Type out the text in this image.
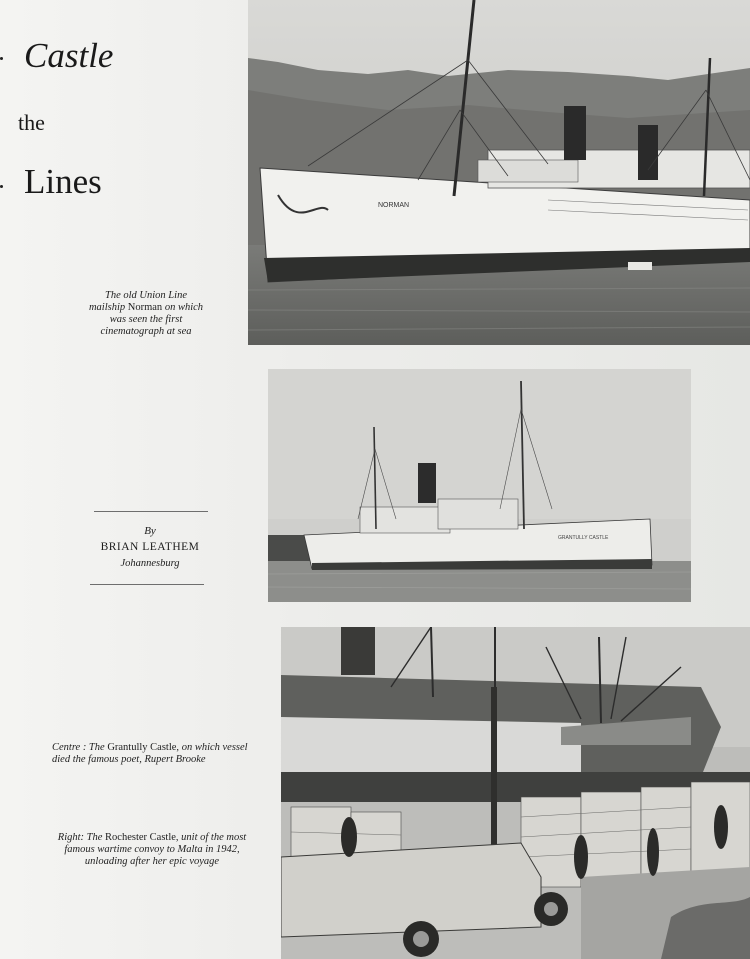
Castle
the
Lines
NORMAN
The old Union Line mailship Norman on which was seen the first cinematograph at sea
GRANTULLY CASTLE
By
BRIAN LEATHEM
Johannesburg
Centre : The Grantully Castle, on which vessel died the famous poet, Rupert Brooke
Right: The Rochester Castle, unit of the most famous wartime convoy to Malta in 1942, unloading after her epic voyage
